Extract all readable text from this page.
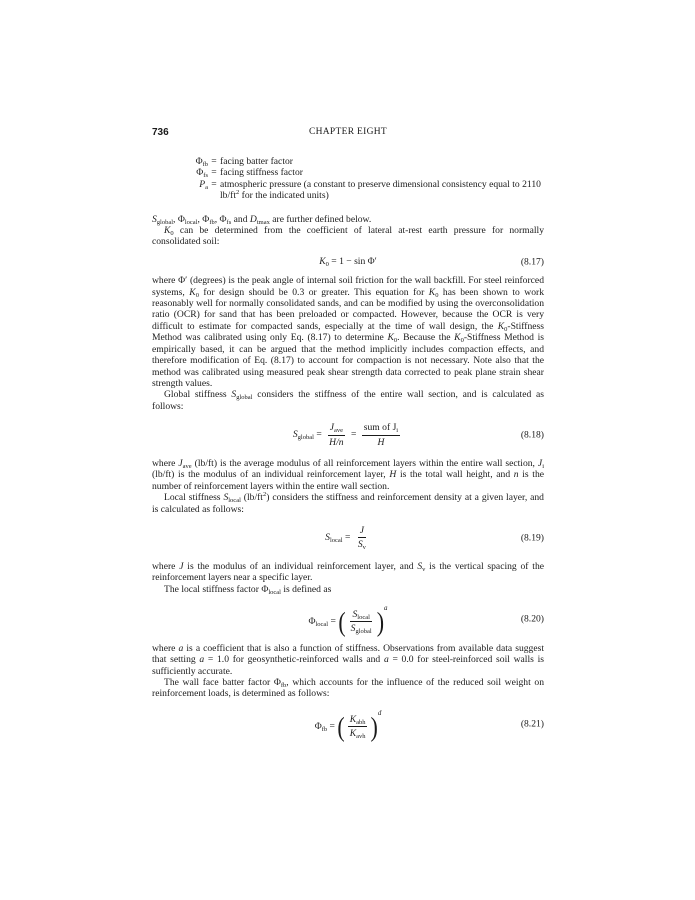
736	CHAPTER EIGHT
$\Phi_{fb}$ = facing batter factor
$\Phi_{fs}$ = facing stiffness factor
$P_a$ = atmospheric pressure (a constant to preserve dimensional consistency equal to 2110 $lb/ft^2$ for the indicated units)

$S_{global}$, $\Phi_{local}$, $\Phi_{fb}$, $\Phi_{fs}$ and $D_{tmax}$ are further defined below.

$K_0$ can be determined from the coefficient of lateral at-rest earth pressure for normally consolidated soil:

$K_0 = 1 - \sin \Phi'$	(8.17)

where Φ′ (degrees) is the peak angle of internal soil friction for the wall backfill. For steel reinforced systems, $K_0$ for design should be 0.3 or greater. This equation for $K_0$ has been shown to work reasonably well for normally consolidated sands, and can be modified by using the overconsolidation ratio (OCR) for sand that has been preloaded or compacted. However, because the OCR is very difficult to estimate for compacted sands, especially at the time of wall design, the $K_0$-Stiffness Method was calibrated using only Eq. (8.17) to determine $K_0$. Because the $K_0$-Stiffness Method is empirically based, it can be argued that the method implicitly includes compaction effects, and therefore modification of Eq. (8.17) to account for compaction is not necessary. Note also that the method was calibrated using measured peak shear strength data corrected to peak plane strain shear strength values.

Global stiffness $S_{global}$ considers the stiffness of the entire wall section, and is calculated as follows:

$S_{global} = \frac{J_{ave}}{H/n} = \frac{sum of J_i}{H}$	(8.18)

where $J_{ave}$ (lb/ft) is the average modulus of all reinforcement layers within the entire wall section, $J_i$ (lb/ft) is the modulus of an individual reinforcement layer, H is the total wall height, and n is the number of reinforcement layers within the entire wall section.

Local stiffness $S_{local}$ $(lb/ft^2)$ considers the stiffness and reinforcement density at a given layer, and is calculated as follows:

$S_{local} = \frac{J}{S_v}$	(8.19)

where J is the modulus of an individual reinforcement layer, and $S_v$ is the vertical spacing of the reinforcement layers near a specific layer.

The local stiffness factor $\Phi_{local}$ is defined as

$\Phi_{local}$ = ( $\frac{S_{local}}{S_{global}} )^a$
(8.20)

where a is a coefficient that is also a function of stiffness. Observations from available data suggest that setting a = 1.0 for geosynthetic-reinforced walls and a = 0.0 for steel-reinforced soil walls is sufficiently accurate.

The wall face batter factor $\Phi_{fb}$, which accounts for the influence of the reduced soil weight on reinforcement loads, is determined as follows:

$\Phi_{fb}$ = ( $\frac{K_{abh}}{K_{avh}} )^d$
(8.21)
